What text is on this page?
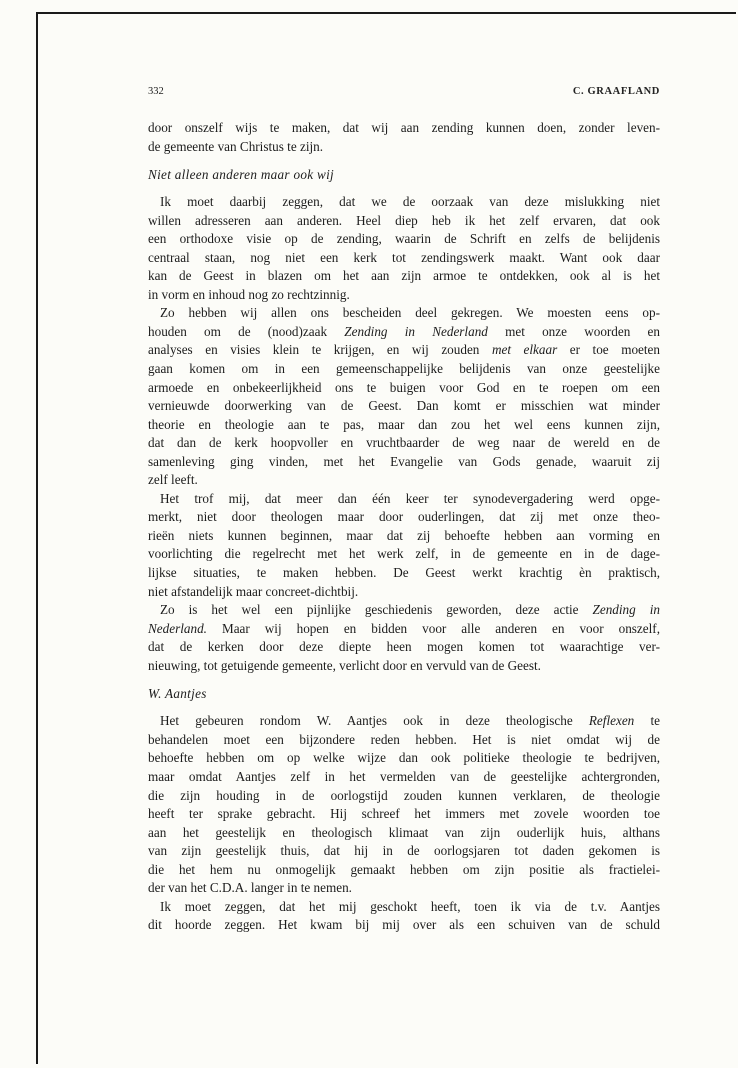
332	C. GRAAFLAND
door onszelf wijs te maken, dat wij aan zending kunnen doen, zonder leven-
de gemeente van Christus te zijn.
Niet alleen anderen maar ook wij
Ik moet daarbij zeggen, dat we de oorzaak van deze mislukking niet
willen adresseren aan anderen. Heel diep heb ik het zelf ervaren, dat ook
een orthodoxe visie op de zending, waarin de Schrift en zelfs de belijdenis
centraal staan, nog niet een kerk tot zendingswerk maakt. Want ook daar
kan de Geest in blazen om het aan zijn armoe te ontdekken, ook al is het
in vorm en inhoud nog zo rechtzinnig.
Zo hebben wij allen ons bescheiden deel gekregen. We moesten eens op-
houden om de (nood)zaak Zending in Nederland met onze woorden en
analyses en visies klein te krijgen, en wij zouden met elkaar er toe moeten
gaan komen om in een gemeenschappelijke belijdenis van onze geestelijke
armoede en onbekeerlijkheid ons te buigen voor God en te roepen om een
vernieuwde doorwerking van de Geest. Dan komt er misschien wat minder
theorie en theologie aan te pas, maar dan zou het wel eens kunnen zijn,
dat dan de kerk hoopvoller en vruchtbaarder de weg naar de wereld en de
samenleving ging vinden, met het Evangelie van Gods genade, waaruit zij
zelf leeft.
Het trof mij, dat meer dan één keer ter synodevergadering werd opge-
merkt, niet door theologen maar door ouderlingen, dat zij met onze theo-
rieën niets kunnen beginnen, maar dat zij behoefte hebben aan vorming en
voorlichting die regelrecht met het werk zelf, in de gemeente en in de dage-
lijkse situaties, te maken hebben. De Geest werkt krachtig èn praktisch,
niet afstandelijk maar concreet-dichtbij.
Zo is het wel een pijnlijke geschiedenis geworden, deze actie Zending in
Nederland. Maar wij hopen en bidden voor alle anderen en voor onszelf,
dat de kerken door deze diepte heen mogen komen tot waarachtige ver-
nieuwing, tot getuigende gemeente, verlicht door en vervuld van de Geest.
W. Aantjes
Het gebeuren rondom W. Aantjes ook in deze theologische Reflexen te
behandelen moet een bijzondere reden hebben. Het is niet omdat wij de
behoefte hebben om op welke wijze dan ook politieke theologie te bedrijven,
maar omdat Aantjes zelf in het vermelden van de geestelijke achtergronden,
die zijn houding in de oorlogstijd zouden kunnen verklaren, de theologie
heeft ter sprake gebracht. Hij schreef het immers met zovele woorden toe
aan het geestelijk en theologisch klimaat van zijn ouderlijk huis, althans
van zijn geestelijk thuis, dat hij in de oorlogsjaren tot daden gekomen is
die het hem nu onmogelijk gemaakt hebben om zijn positie als fractielei-
der van het C.D.A. langer in te nemen.
Ik moet zeggen, dat het mij geschokt heeft, toen ik via de t.v. Aantjes
dit hoorde zeggen. Het kwam bij mij over als een schuiven van de schuld
